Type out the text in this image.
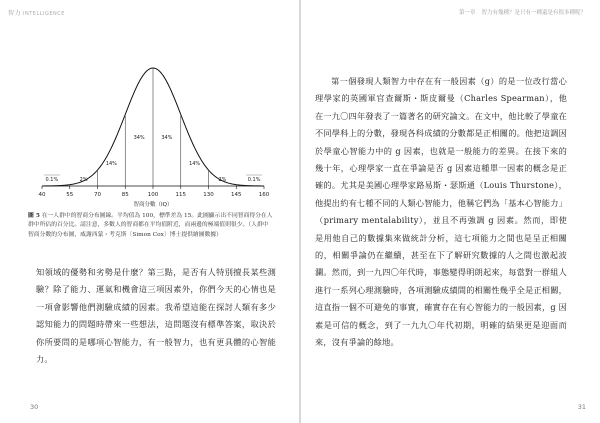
智力 INTELLIGENCE
40	55	70	85	100	115	130	145	160
智商分數（IQ）
0.1%	2%
14%
34%	34%
14%
2%	0.1%
圖 5 在一人群中的智商分布圖線。平均值為 100，標準差為 15。此圖顯示出不同智商得分在人群中所佔的百分比。請注意，多數人的智商都在平均值附近，而兩邊的極端值則很少。（人群中智商分數的分布圖，威謝西蒙・考克斯〔Simon Cox〕博士提供繪圖數據）

知領域的優勢和劣勢是什麼？第三點，是否有人特別擅長某些測驗？除了能力、運氣和機會這三項因素外，你們今天的心情也是一項會影響他們測驗成績的因素。我希望這能在探討人類有多少認知能力的問題時帶來一些想法，這問題沒有標準答案，取決於你所要問的是哪項心智能力，有一般智力，也有更具體的心智能力。

30
第一章 智力有幾種？是只有一種還是有很多種呢？

第一個發現人類智力中存在有一般因素（g）的是一位改行當心理學家的英國軍官查爾斯・斯皮爾曼（Charles Spearman），他在一九〇四年發表了一篇著名的研究論文。在文中，他比較了學童在不同學科上的分數，發現各科成績的分數都是正相關的。他把這調因於學童心智能力中的 g 因素，也就是一般能力的差異。在接下來的幾十年，心理學家一直在爭論是否 g 因素這種單一因素的概念是正確的。尤其是美國心理學家路易斯・瑟斯通（Louis Thurstone），他提出約有七種不同的人類心智能力，他稱它們為「基本心智能力」（primary mentalability），並且不再強調 g 因素。然而，即使是用他自己的數據集來做統計分析，這七項能力之間也是呈正相關的，相關爭論仍在繼續，甚至在下了解研究數據的人之間也激起波瀾。然而，到一九四〇年代時，事態變得明朗起來，每當對一群組人進行一系列心理測驗時，各項測驗成績間的相關性幾乎全是正相關，這直指一個不可避免的事實，確實存在有心智能力的一般因素，g 因素是可信的概念，到了一九九〇年代初期，明確的結果更是迎面而來，沒有爭論的餘地。

31
